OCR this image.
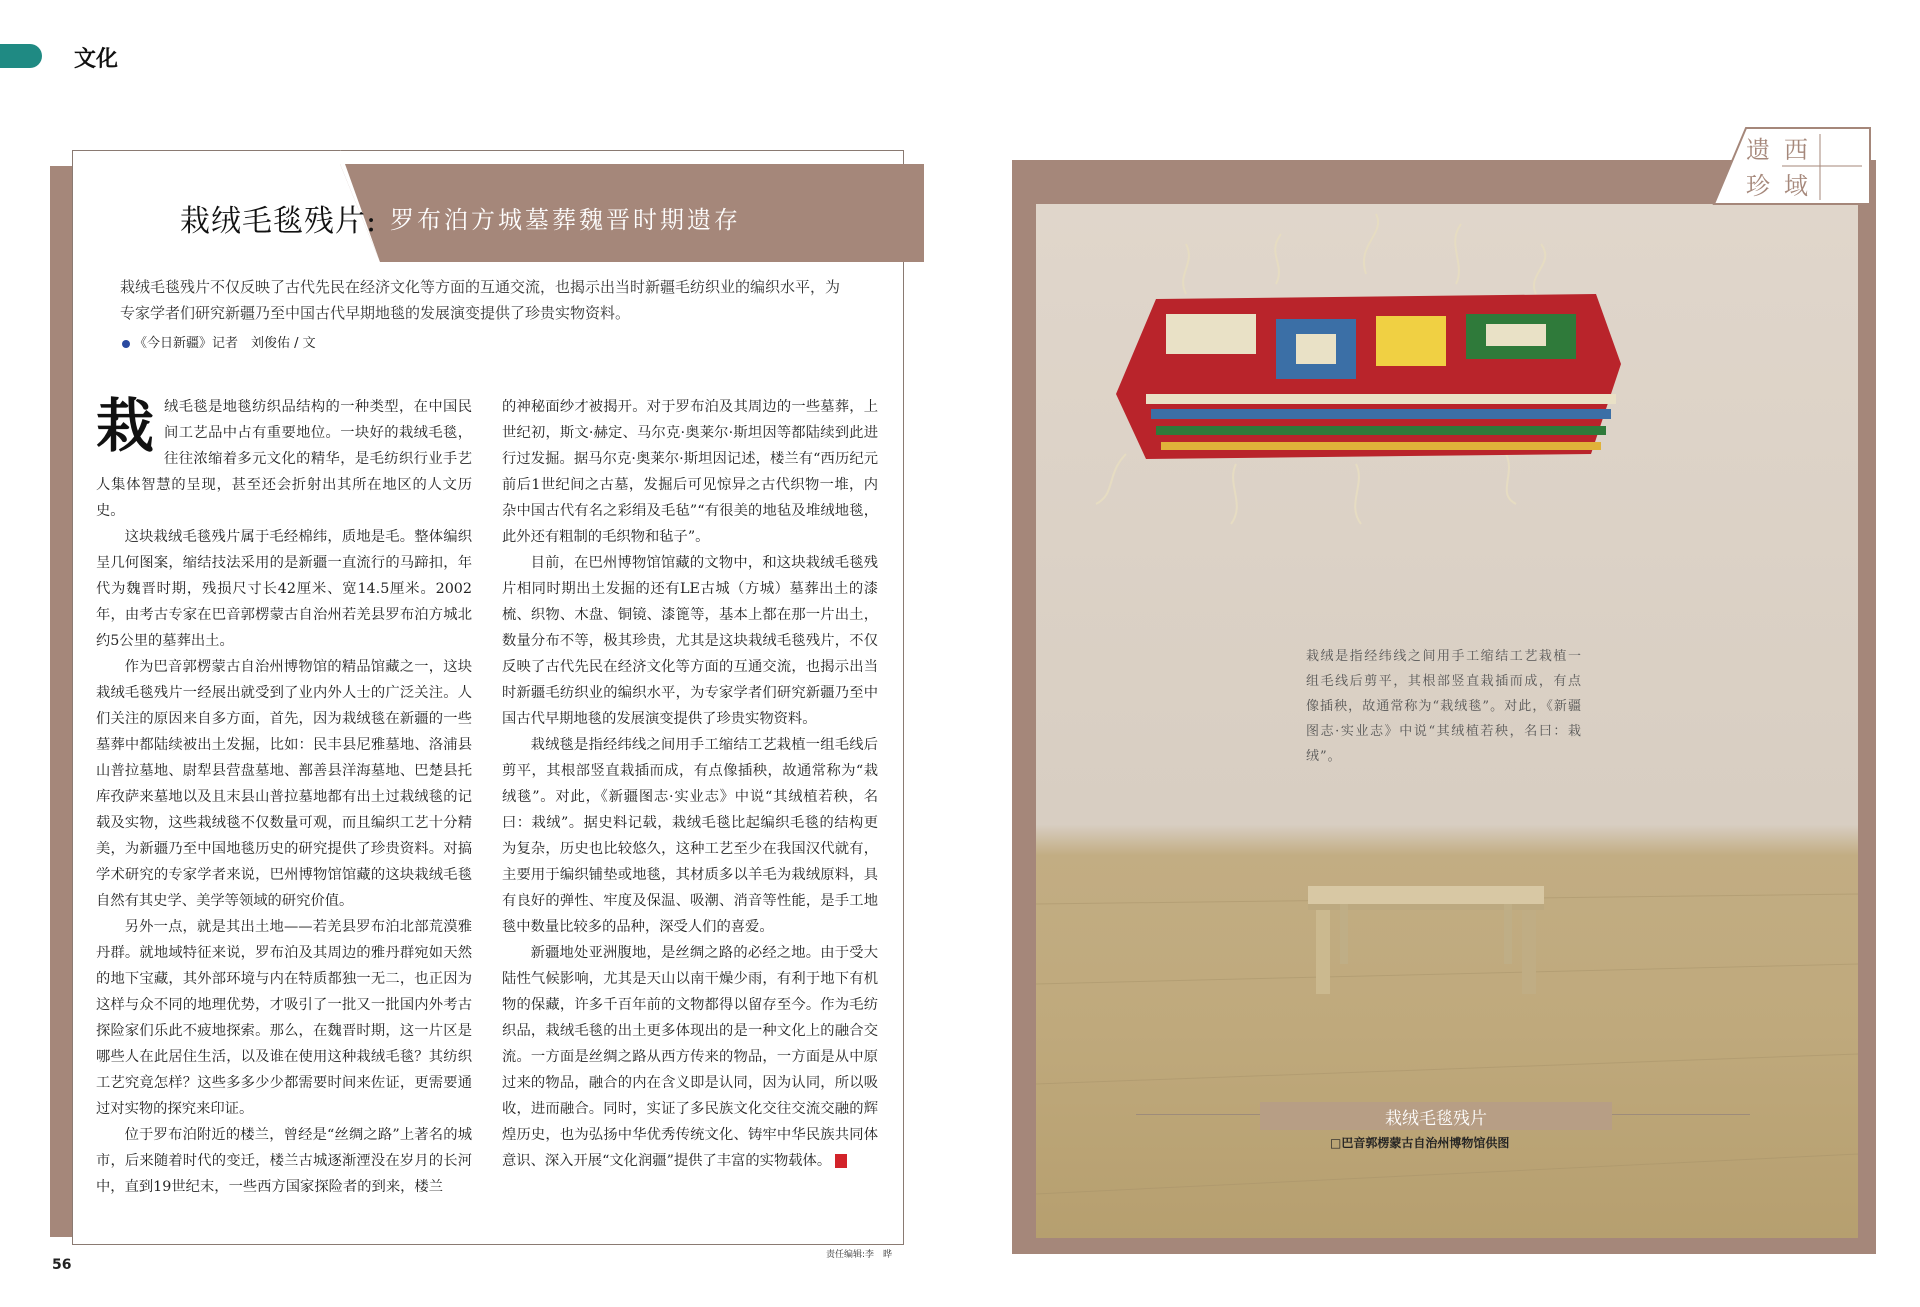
文化
栽绒毛毯残片: 罗布泊方城墓葬魏晋时期遗存
栽绒毛毯残片不仅反映了古代先民在经济文化等方面的互通交流，也揭示出当时新疆毛纺织业的编织水平，为专家学者们研究新疆乃至中国古代早期地毯的发展演变提供了珍贵实物资料。
《今日新疆》记者　刘俊佑 / 文

栽绒毛毯是地毯纺织品结构的一种类型，在中国民间工艺品中占有重要地位。一块好的栽绒毛毯，往往浓缩着多元文化的精华，是毛纺织行业手艺人集体智慧的呈现，甚至还会折射出其所在地区的人文历史。

这块栽绒毛毯残片属于毛经棉纬，质地是毛。整体编织呈几何图案，缩结技法采用的是新疆一直流行的马蹄扣，年代为魏晋时期，残损尺寸长42厘米、宽14.5厘米。2002年，由考古专家在巴音郭楞蒙古自治州若羌县罗布泊方城北约5公里的墓葬出土。

作为巴音郭楞蒙古自治州博物馆的精品馆藏之一，这块栽绒毛毯残片一经展出就受到了业内外人士的广泛关注。人们关注的原因来自多方面，首先，因为栽绒毯在新疆的一些墓葬中都陆续被出土发掘，比如：民丰县尼雅墓地、洛浦县山普拉墓地、尉犁县营盘墓地、鄯善县洋海墓地、巴楚县托库孜萨来墓地以及且末县山普拉墓地都有出土过栽绒毯的记载及实物，这些栽绒毯不仅数量可观，而且编织工艺十分精美，为新疆乃至中国地毯历史的研究提供了珍贵资料。对搞学术研究的专家学者来说，巴州博物馆馆藏的这块栽绒毛毯自然有其史学、美学等领域的研究价值。

另外一点，就是其出土地——若羌县罗布泊北部荒漠雅丹群。就地域特征来说，罗布泊及其周边的雅丹群宛如天然的地下宝藏，其外部环境与内在特质都独一无二，也正因为这样与众不同的地理优势，才吸引了一批又一批国内外考古探险家们乐此不疲地探索。那么，在魏晋时期，这一片区是哪些人在此居住生活，以及谁在使用这种栽绒毛毯？其纺织工艺究竟怎样？这些多多少少都需要时间来佐证，更需要通过对实物的探究来印证。

位于罗布泊附近的楼兰，曾经是“丝绸之路”上著名的城市，后来随着时代的变迁，楼兰古城逐渐湮没在岁月的长河中，直到19世纪末，一些西方国家探险者的到来，楼兰

的神秘面纱才被揭开。对于罗布泊及其周边的一些墓葬，上世纪初，斯文·赫定、马尔克·奥莱尔·斯坦因等都陆续到此进行过发掘。据马尔克·奥莱尔·斯坦因记述，楼兰有“西历纪元前后1世纪间之古墓，发掘后可见惊异之古代织物一堆，内杂中国古代有名之彩绢及毛毡”“有很美的地毡及堆绒地毯，此外还有粗制的毛织物和毡子”。

目前，在巴州博物馆馆藏的文物中，和这块栽绒毛毯残片相同时期出土发掘的还有LE古城（方城）墓葬出土的漆梳、织物、木盘、铜镜、漆篦等，基本上都在那一片出土，数量分布不等，极其珍贵，尤其是这块栽绒毛毯残片，不仅反映了古代先民在经济文化等方面的互通交流，也揭示出当时新疆毛纺织业的编织水平，为专家学者们研究新疆乃至中国古代早期地毯的发展演变提供了珍贵实物资料。

栽绒毯是指经纬线之间用手工缩结工艺栽植一组毛线后剪平，其根部竖直栽插而成，有点像插秧，故通常称为“栽绒毯”。对此，《新疆图志·实业志》中说“其绒植若秧，名曰：栽绒”。据史料记载，栽绒毛毯比起编织毛毯的结构更为复杂，历史也比较悠久，这种工艺至少在我国汉代就有，主要用于编织铺垫或地毯，其材质多以羊毛为栽绒原料，具有良好的弹性、牢度及保温、吸潮、消音等性能，是手工地毯中数量比较多的品种，深受人们的喜爱。

新疆地处亚洲腹地，是丝绸之路的必经之地。由于受大陆性气候影响，尤其是天山以南干燥少雨，有利于地下有机物的保藏，许多千百年前的文物都得以留存至今。作为毛纺织品，栽绒毛毯的出土更多体现出的是一种文化上的融合交流。一方面是丝绸之路从西方传来的物品，一方面是从中原过来的物品，融合的内在含义即是认同，因为认同，所以吸收，进而融合。同时，实证了多民族文化交往交流交融的辉煌历史，也为弘扬中华优秀传统文化、铸牢中华民族共同体意识、深入开展“文化润疆”提供了丰富的实物载体。

56
责任编辑:李　晔
遗 西
珍 域
栽绒是指经纬线之间用手工缩结工艺栽植一组毛线后剪平，其根部竖直栽插而成，有点像插秧，故通常称为“栽绒毯”。对此，《新疆图志·实业志》中说“其绒植若秧，名曰：栽绒”。
栽绒毛毯残片
□巴音郭楞蒙古自治州博物馆供图
